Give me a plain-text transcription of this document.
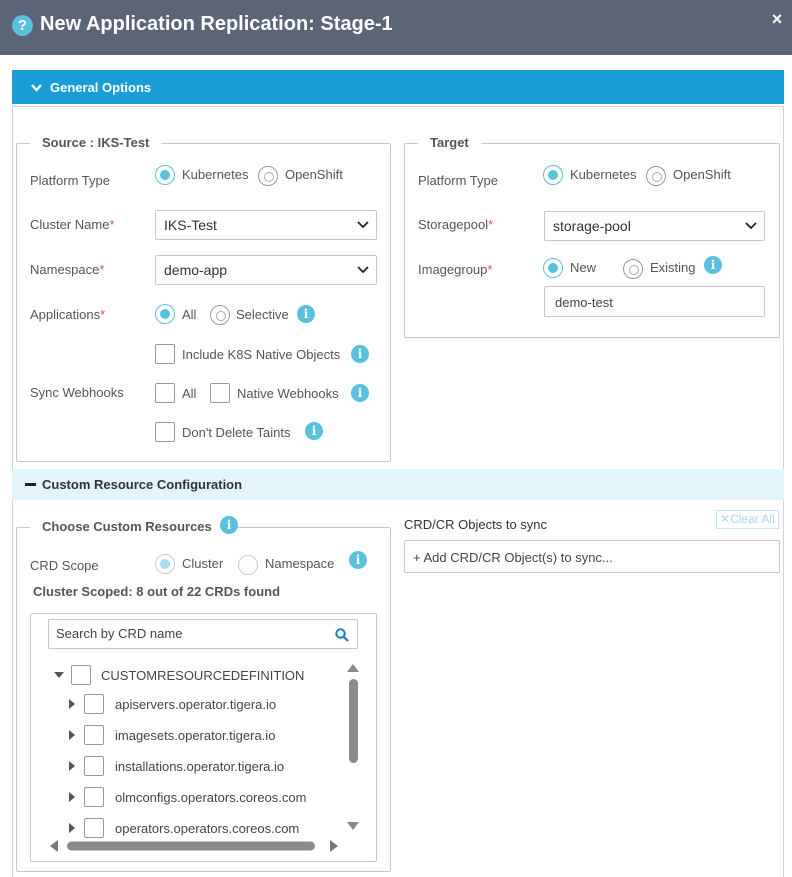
? New Application Replication: Stage-1	×
General Options
Source : IKS-Test
Platform Type	Kubernetes	OpenShift
Cluster Name*	IKS-Test
Namespace*	demo-app
Applications*	All	Selective	i
Include K8S Native Objects	i
Sync Webhooks	All	Native Webhooks	i
Don't Delete Taints	i
Target
Platform Type	Kubernetes	OpenShift
Storagepool*	storage-pool
Imagegroup*	New	Existing	i
demo-test
Custom Resource Configuration
Choose Custom Resources	i
CRD Scope	Cluster	Namespace	i
Cluster Scoped: 8 out of 22 CRDs found
Search by CRD name
CUSTOMRESOURCEDEFINITION
apiservers.operator.tigera.io
imagesets.operator.tigera.io
installations.operator.tigera.io
olmconfigs.operators.coreos.com
operators.operators.coreos.com
CRD/CR Objects to sync	✕Clear All
+ Add CRD/CR Object(s) to sync...
